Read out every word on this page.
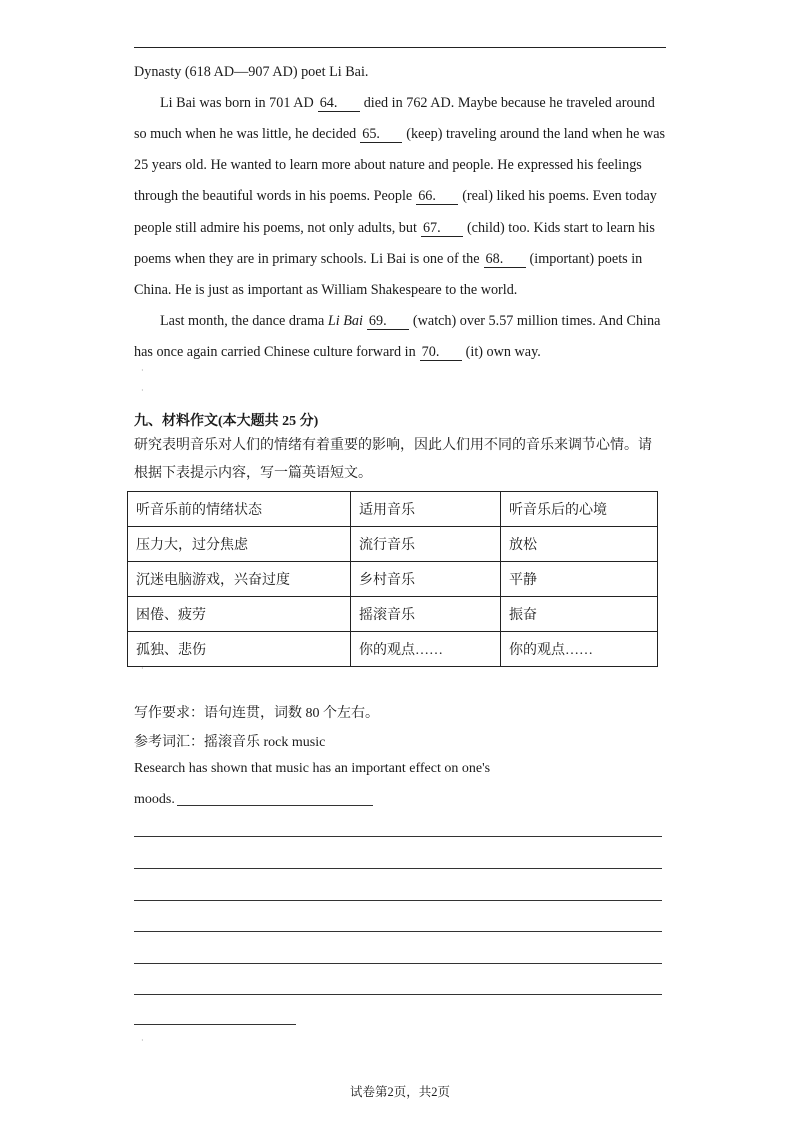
Dynasty (618 AD—907 AD) poet Li Bai.
Li Bai was born in 701 AD 64. died in 762 AD. Maybe because he traveled around
so much when he was little, he decided 65. (keep) traveling around the land when he was
25 years old. He wanted to learn more about nature and people. He expressed his feelings
through the beautiful words in his poems. People 66. (real) liked his poems. Even today
people still admire his poems, not only adults, but 67. (child) too. Kids start to learn his
poems when they are in primary schools. Li Bai is one of the 68. (important) poets in
China. He is just as important as William Shakespeare to the world.
Last month, the dance drama Li Bai 69. (watch) over 5.57 million times. And China
has once again carried Chinese culture forward in 70. (it) own way.
·
·
九、材料作文(本大题共 25 分)
研究表明音乐对人们的情绪有着重要的影响，因此人们用不同的音乐来调节心情。请
根据下表提示内容，写一篇英语短文。
听音乐前的情绪状态	适用音乐	听音乐后的心境
压力大，过分焦虑	流行音乐	放松
沉迷电脑游戏，兴奋过度	乡村音乐	平静
困倦、疲劳	摇滚音乐	振奋
孤独、悲伤	你的观点……	你的观点……
·
写作要求：语句连贯，词数 80 个左右。
参考词汇：摇滚音乐 rock music
Research has shown that music has an important effect on one's
moods.
·
试卷第2页，共2页
